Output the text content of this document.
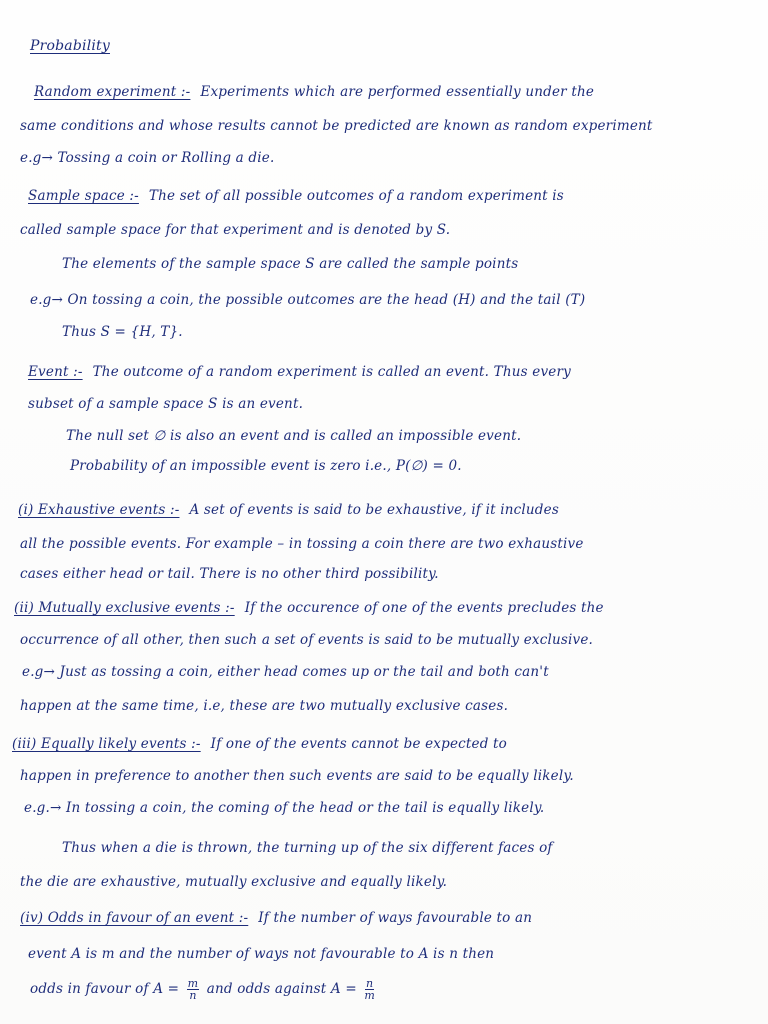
Probability
Random experiment :- Experiments which are performed essentially under the
same conditions and whose results cannot be predicted are known as random experiment
e.g→ Tossing a coin or Rolling a die.
Sample space :- The set of all possible outcomes of a random experiment is
called sample space for that experiment and is denoted by S.
The elements of the sample space S are called the sample points
e.g→ On tossing a coin, the possible outcomes are the head (H) and the tail (T)
Thus S = {H, T}.
Event :- The outcome of a random experiment is called an event. Thus every
subset of a sample space S is an event.
The null set ∅ is also an event and is called an impossible event.
Probability of an impossible event is zero i.e., P(∅) = 0.
(i) Exhaustive events :- A set of events is said to be exhaustive, if it includes
all the possible events. For example – in tossing a coin there are two exhaustive
cases either head or tail. There is no other third possibility.
(ii) Mutually exclusive events :- If the occurence of one of the events precludes the
occurrence of all other, then such a set of events is said to be mutually exclusive.
e.g→ Just as tossing a coin, either head comes up or the tail and both can't
happen at the same time, i.e, these are two mutually exclusive cases.
(iii) Equally likely events :- If one of the events cannot be expected to
happen in preference to another then such events are said to be equally likely.
e.g.→ In tossing a coin, the coming of the head or the tail is equally likely.
Thus when a die is thrown, the turning up of the six different faces of
the die are exhaustive, mutually exclusive and equally likely.
(iv) Odds in favour of an event :- If the number of ways favourable to an
event A is m and the number of ways not favourable to A is n then
odds in favour of $A = \frac{m}{n}$ and odds against $A = \frac{n}{m}$
